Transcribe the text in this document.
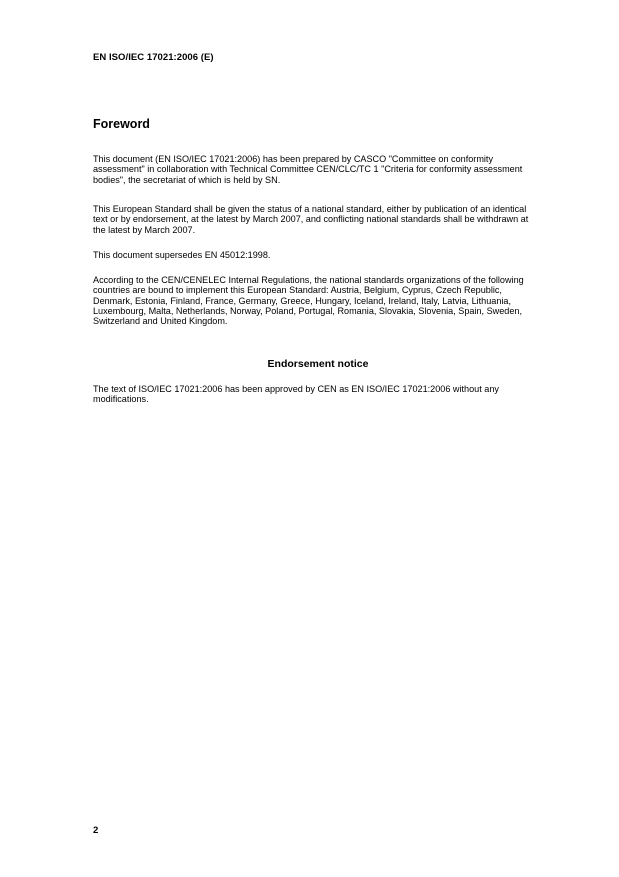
EN ISO/IEC 17021:2006 (E)
Foreword

This document (EN ISO/IEC 17021:2006) has been prepared by CASCO "Committee on conformity assessment" in collaboration with Technical Committee CEN/CLC/TC 1 "Criteria for conformity assessment bodies", the secretariat of which is held by SN.

This European Standard shall be given the status of a national standard, either by publication of an identical text or by endorsement, at the latest by March 2007, and conflicting national standards shall be withdrawn at the latest by March 2007.

This document supersedes EN 45012:1998.

According to the CEN/CENELEC Internal Regulations, the national standards organizations of the following countries are bound to implement this European Standard: Austria, Belgium, Cyprus, Czech Republic, Denmark, Estonia, Finland, France, Germany, Greece, Hungary, Iceland, Ireland, Italy, Latvia, Lithuania, Luxembourg, Malta, Netherlands, Norway, Poland, Portugal, Romania, Slovakia, Slovenia, Spain, Sweden, Switzerland and United Kingdom.

Endorsement notice

The text of ISO/IEC 17021:2006 has been approved by CEN as EN ISO/IEC 17021:2006 without any modifications.

2
